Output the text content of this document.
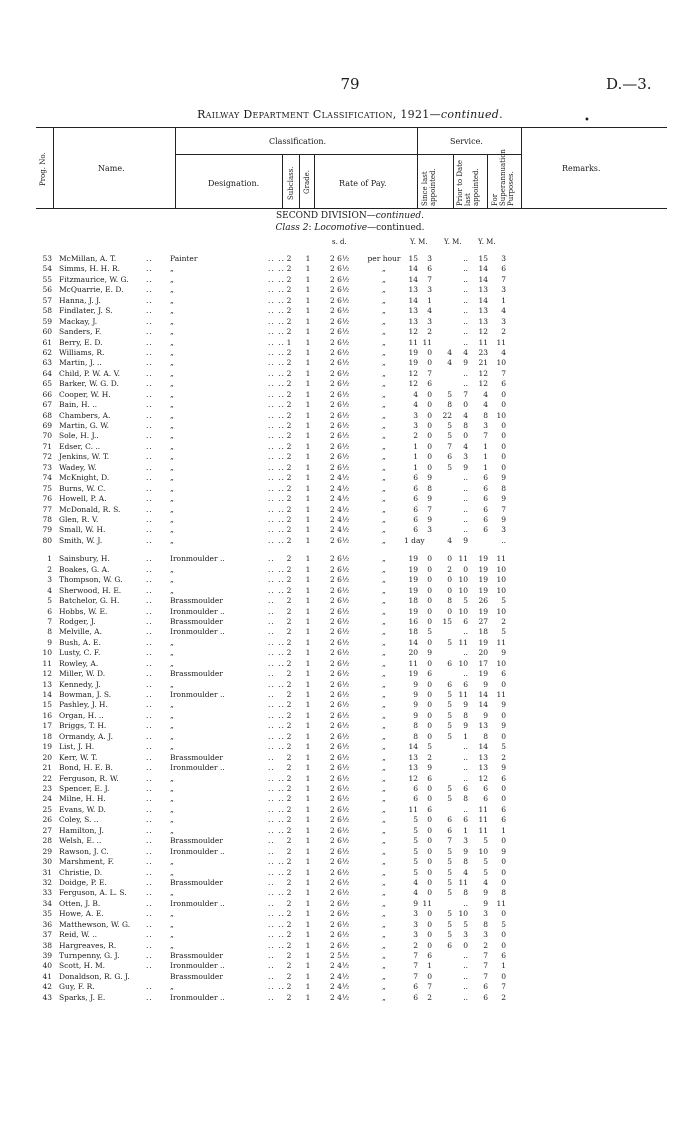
79	D.—3.
•
Railway Department Classification, 1921—continued.
Prog. No.	Name.
Classification.
Designation.	Subclass. Grade.	Rate of Pay.
Service.
Since last appointed.	Prior to Date last appointed. For Superannuation Purposes.
Remarks.
SECOND DIVISION—continued.
Class 2: Locomotive—continued.
s. d.	Y. M. Y. M. Y. M.
53 McMillan, A. T.	.. Painter	.. .. 2	1	2 6½	per hour	15	3	..	15	3
54 Simms, H. H. R.	.. „	.. .. 2	1	2 6½	„	14	6	..	14	6
55 Fitzmaurice, W. G. .. „	.. .. 2	1	2 6½	„	14	7	..	14	7
56 McQuarrie, E. D.	.. „	.. .. 2	1	2 6½	„	13	3	..	13	3
57 Hanna, J. J.	.. „	.. .. 2	1	2 6½	„	14	1	..	14	1
58 Findlater, J. S.	.. „	.. .. 2	1	2 6½	„	13	4	..	13	4
59 Mackay, J.	.. „	.. .. 2	1	2 6½	„	13	3	..	13	3
60 Sanders, F.	.. „	.. .. 2	1	2 6½	„	12	2	..	12	2
61 Berry, E. D.	.. „	.. .. 1	1	2 6½	„	11 11	..	11	11
62 Williams, R.	.. „	.. .. 2	1	2 6½	„	19	0	4	4	23	4
63 Martin, J. ..	.. „	.. .. 2	1	2 6½	„	19	0	4	9	21	10
64 Child, P. W. A. V.	.. „	.. .. 2	1	2 6½	„	12	7	..	12	7
65 Barker, W. G. D.	.. „	.. .. 2	1	2 6½	„	12	6	..	12	6
66 Cooper, W. H.	.. „	.. .. 2	1	2 6½	„	4	0	5	7	4	0
67 Bain, H. ..	.. „	.. .. 2	1	2 6½	„	4	0	8	0	4	0
68 Chambers, A.	.. „	.. .. 2	1	2 6½	„	3	0	22	4	8	10
69 Martin, G. W.	.. „	.. .. 2	1	2 6½	„	3	0	5	8	3	0
70 Sole, H. J..	.. „	.. .. 2	1	2 6½	„	2	0	5	0	7	0
71 Edser, C. ..	.. „	.. .. 2	1	2 6½	„	1	0	7	4	1	0
72 Jenkins, W. T.	.. „	.. .. 2	1	2 6½	„	1	0	6	3	1	0
73 Wadey, W.	.. „	.. .. 2	1	2 6½	„	1	0	5	9	1	0
74 McKnight, D.	.. „	.. .. 2	1	2 4½	„	6	9	..	6	9
75 Burns, W. C.	.. „	.. .. 2	1	2 4½	„	6	8	..	6	8
76 Howell, P. A.	.. „	.. .. 2	1	2 4½	„	6	9	..	6	9
77 McDonald, R. S.	.. „	.. .. 2	1	2 4½	„	6	7	..	6	7
78 Glen, R. V.	.. „	.. .. 2	1	2 4½	„	6	9	..	6	9
79 Small, W. H.	.. „	.. .. 2	1	2 4½	„	6	3	..	6	3
80 Smith, W. J.	.. „	.. .. 2	1	2 6½	„	1 day	4	9	..
1 Sainsbury, H.	.. Ironmoulder ..	..	2	1	2 6½	„	19	0	0 11	19	11
2 Boakes, G. A.	.. „	.. .. 2	1	2 6½	„	19	0	2	0	19	10
3 Thompson, W. G.	.. „	.. .. 2	1	2 6½	„	19	0	0 10	19	10
4 Sherwood, H. E.	.. „	.. .. 2	1	2 6½	„	19	0	0 10	19	10
5 Batchelor, G. H.	.. Brassmoulder	..	2	1	2 6½	„	18	0	8	5	26	5
6 Hobbs, W. E.	.. Ironmoulder ..	..	2	1	2 6½	„	19	0	0 10	19	10
7 Rodger, J.	.. Brassmoulder	..	2	1	2 6½	„	16	0	15	6	27	2
8 Melville, A.	.. Ironmoulder ..	..	2	1	2 6½	„	18	5	..	18	5
9 Bush, A. E.	.. „	.. .. 2	1	2 6½	„	14	0	5 11	19	11
10 Lusty, C. F.	.. „	.. .. 2	1	2 6½	„	20	9	..	20	9
11 Rowley, A.	.. „	.. .. 2	1	2 6½	„	11	0	6 10	17	10
12 Miller, W. D.	.. Brassmoulder	..	2	1	2 6½	„	19	6	..	19	6
13 Kennedy, J.	.. „	.. .. 2	1	2 6½	„	9	0	6	6	9	0
14 Bowman, J. S.	.. Ironmoulder ..	..	2	1	2 6½	„	9	0	5 11	14	11
15 Pashley, J. H.	.. „	.. .. 2	1	2 6½	„	9	0	5	9	14	9
16 Organ, H. ..	.. „	.. .. 2	1	2 6½	„	9	0	5	8	9	0
17 Briggs, T. H.	.. „	.. .. 2	1	2 6½	„	8	0	5	9	13	9
18 Ormandy, A. J.	.. „	.. .. 2	1	2 6½	„	8	0	5	1	8	0
19 List, J. H.	.. „	.. .. 2	1	2 6½	„	14	5	..	14	5
20 Kerr, W. T.	.. Brassmoulder	..	2	1	2 6½	„	13	2	..	13	2
21 Bond, H. E. B.	.. Ironmoulder ..	..	2	1	2 6½	„	13	9	..	13	9
22 Ferguson, R. W.	.. „	.. .. 2	1	2 6½	„	12	6	..	12	6
23 Spencer, E. J.	.. „	.. .. 2	1	2 6½	„	6	0	5	6	6	0
24 Milne, H. H.	.. „	.. .. 2	1	2 6½	„	6	0	5	8	6	0
25 Evans, W. D.	.. „	.. .. 2	1	2 6½	„	11	6	..	11	6
26 Coley, S. ..	.. „	.. .. 2	1	2 6½	„	5	0	6	6	11	6
27 Hamilton, J.	.. „	.. .. 2	1	2 6½	„	5	0	6	1	11	1
28 Welsh, E. ..	.. Brassmoulder	..	2	1	2 6½	„	5	0	7	3	5	0
29 Rawson, J. C.	.. Ironmoulder ..	..	2	1	2 6½	„	5	0	5	9	10	9
30 Marshment, F.	.. „	.. .. 2	1	2 6½	„	5	0	5	8	5	0
31 Christie, D.	.. „	.. .. 2	1	2 6½	„	5	0	5	4	5	0
32 Doidge, P. E.	.. Brassmoulder	..	2	1	2 6½	„	4	0	5 11	4	0
33 Ferguson, A. L. S.	.. „	.. .. 2	1	2 6½	„	4	0	5	8	9	8
34 Otten, J. B.	.. Ironmoulder ..	..	2	1	2 6½	„	9 11	..	9	11
35 Howe, A. E.	.. „	.. .. 2	1	2 6½	„	3	0	5 10	3	0
36 Matthewson, W. G. .. „	.. .. 2	1	2 6½	„	3	0	5	5	8	5
37 Reid, W. ..	.. „	.. .. 2	1	2 6½	„	3	0	5	3	3	0
38 Hargreaves, R.	.. „	.. .. 2	1	2 6½	„	2	0	6	0	2	0
39 Turnpenny, G. J.	.. Brassmoulder	..	2	1	2 5½	„	7	6	..	7	6
40 Scott, H. M.	.. Ironmoulder ..	..	2	1	2 4½	„	7	1	..	7	1
41 Donaldson, R. G. J.	Brassmoulder	..	2	1	2 4½	„	7	0	..	7	0
42 Guy, F. R.	.. „	.. .. 2	1	2 4½	„	6	7	..	6	7
43 Sparks, J. E.	.. Ironmoulder ..	..	2	1	2 4½	„	6	2	..	6	2
